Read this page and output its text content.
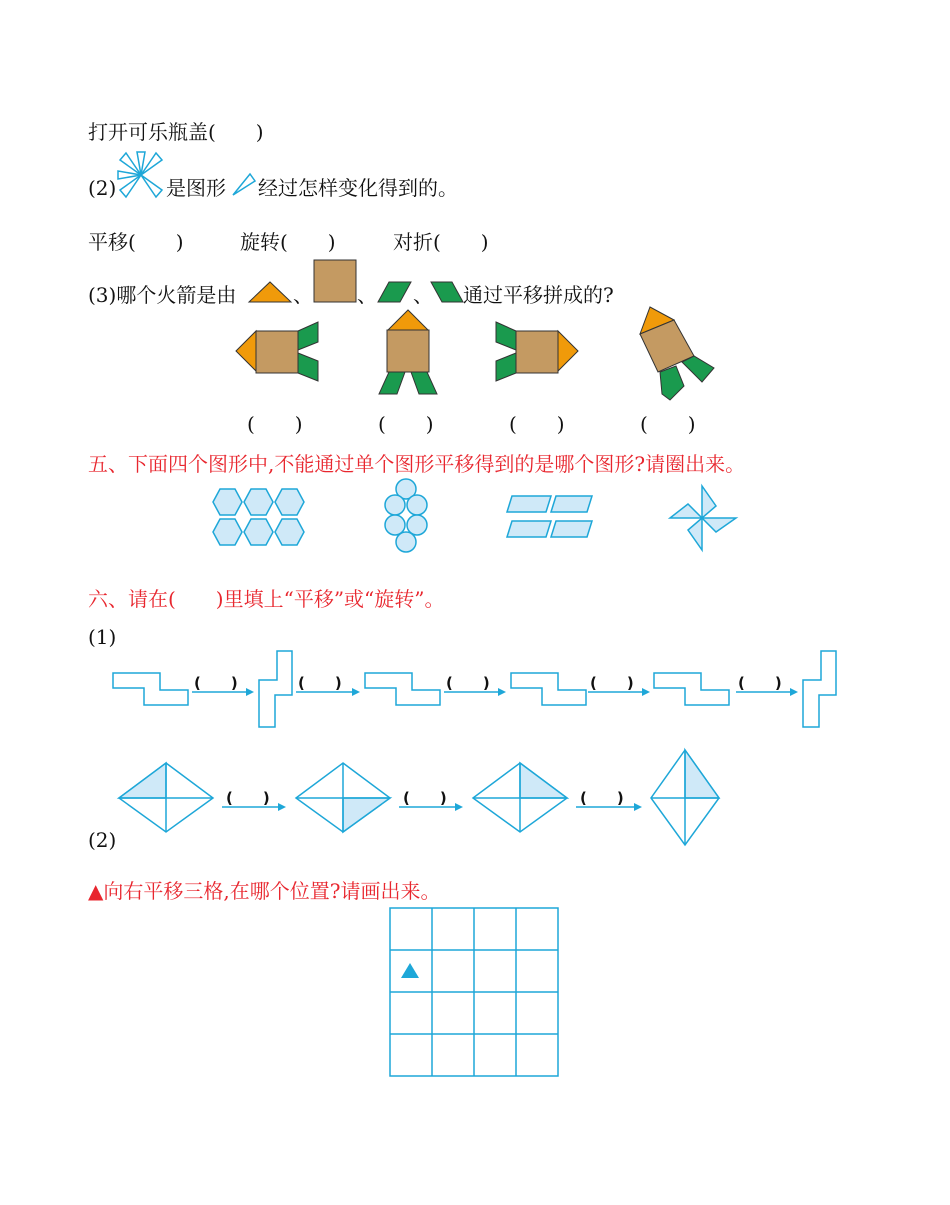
打开可乐瓶盖(　　)
(2) 是图形 经过怎样变化得到的。
平移(　　)	旋转(　　)	对折(　　)
(3)哪个火箭是由	、 、 、 通过平移拼成的?
(　　)	(　　)	(　　)	(　　)
五、下面四个图形中,不能通过单个图形平移得到的是哪个图形?请圈出来。
六、请在(　　)里填上“平移”或“旋转”。
(1)
(　　)	(　　)	(　　)	(　　)	(　　)
(　　)	(　　)	(　　)
(2)
▲向右平移三格,在哪个位置?请画出来。
